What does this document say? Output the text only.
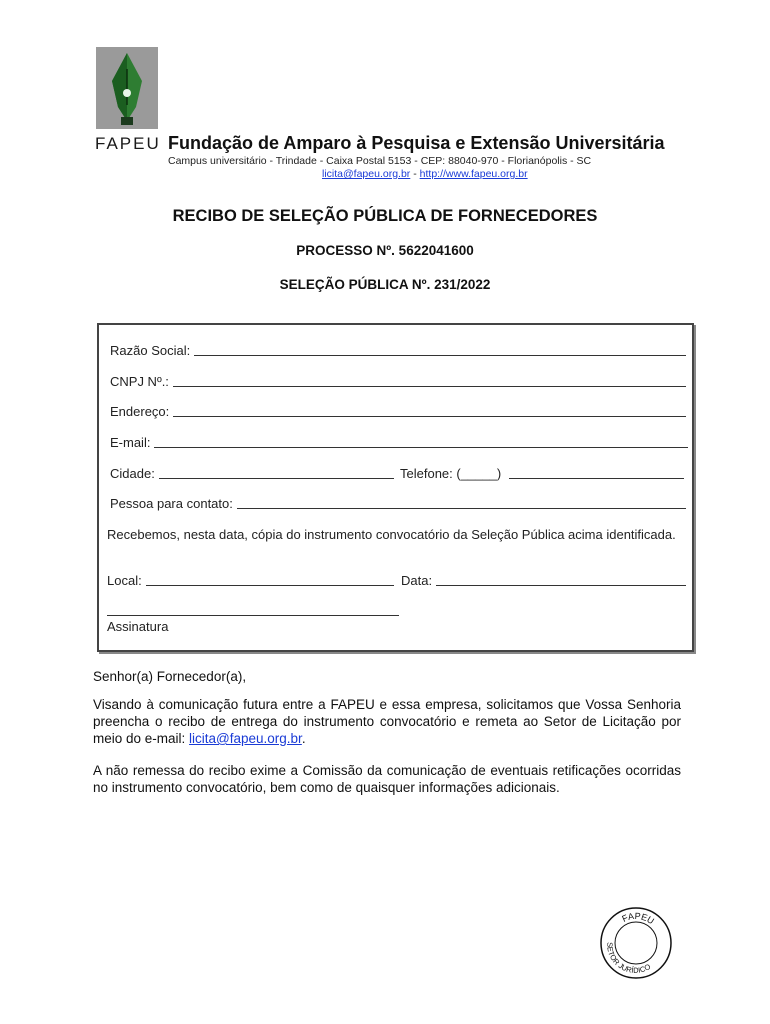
FAPEU Fundação de Amparo à Pesquisa e Extensão Universitária
Campus universitário - Trindade - Caixa Postal 5153 - CEP: 88040-970 - Florianópolis - SC
licita@fapeu.org.br - http://www.fapeu.org.br
RECIBO DE SELEÇÃO PÚBLICA DE FORNECEDORES
PROCESSO Nº. 5622041600
SELEÇÃO PÚBLICA Nº. 231/2022
Razão Social:
CNPJ Nº.:
Endereço:
E-mail:
Cidade:	Telefone: (_____)
Pessoa para contato:
Recebemos, nesta data, cópia do instrumento convocatório da Seleção Pública acima identificada.
Local:	Data:
Assinatura
Senhor(a) Fornecedor(a),
Visando à comunicação futura entre a FAPEU e essa empresa, solicitamos que Vossa Senhoria preencha o recibo de entrega do instrumento convocatório e remeta ao Setor de Licitação por meio do e-mail: licita@fapeu.org.br.
A não remessa do recibo exime a Comissão da comunicação de eventuais retificações ocorridas no instrumento convocatório, bem como de quaisquer informações adicionais.
FAPEU
SETOR JURÍDICO
